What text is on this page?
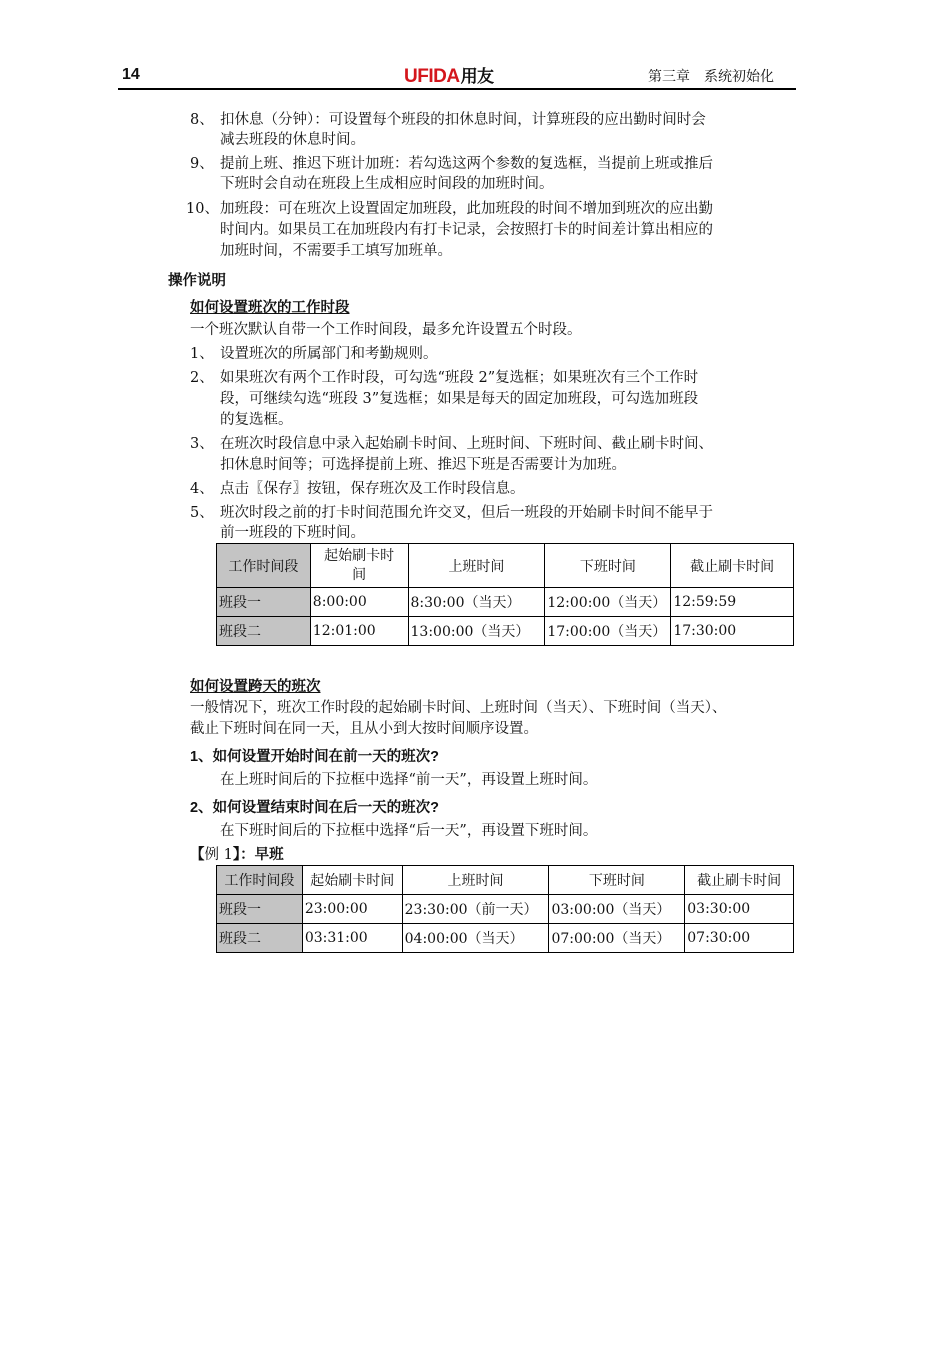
14	UFIDA用友	第三章　系统初始化
8、 扣休息（分钟）：可设置每个班段的扣休息时间，计算班段的应出勤时间时会
减去班段的休息时间。
9、 提前上班、推迟下班计加班：若勾选这两个参数的复选框，当提前上班或推后
下班时会自动在班段上生成相应时间段的加班时间。
10、 加班段：可在班次上设置固定加班段，此加班段的时间不增加到班次的应出勤
时间内。如果员工在加班段内有打卡记录，会按照打卡的时间差计算出相应的
加班时间，不需要手工填写加班单。
操作说明
如何设置班次的工作时段
一个班次默认自带一个工作时间段，最多允许设置五个时段。
1、 设置班次的所属部门和考勤规则。
2、 如果班次有两个工作时段，可勾选“班段 2”复选框；如果班次有三个工作时
段，可继续勾选“班段 3”复选框；如果是每天的固定加班段，可勾选加班段
的复选框。
3、 在班次时段信息中录入起始刷卡时间、上班时间、下班时间、截止刷卡时间、
扣休息时间等；可选择提前上班、推迟下班是否需要计为加班。
4、 点击〖保存〗按钮，保存班次及工作时段信息。
5、 班次时段之前的打卡时间范围允许交叉，但后一班段的开始刷卡时间不能早于
前一班段的下班时间。
工作时间段	起始刷卡时
间	上班时间	下班时间	截止刷卡时间
班段一	8:00:00	8:30:00（当天）	12:00:00（当天）	12:59:59
班段二	12:01:00	13:00:00（当天）	17:00:00（当天）	17:30:00
如何设置跨天的班次
一般情况下，班次工作时段的起始刷卡时间、上班时间（当天）、下班时间（当天）、
截止下班时间在同一天，且从小到大按时间顺序设置。
1、如何设置开始时间在前一天的班次?
在上班时间后的下拉框中选择“前一天”，再设置上班时间。
2、如何设置结束时间在后一天的班次?
在下班时间后的下拉框中选择“后一天”，再设置下班时间。
【例 1】：早班
工作时间段	起始刷卡时间	上班时间	下班时间	截止刷卡时间
班段一	23:00:00	23:30:00（前一天）	03:00:00（当天）	03:30:00
班段二	03:31:00	04:00:00（当天）	07:00:00（当天）	07:30:00
